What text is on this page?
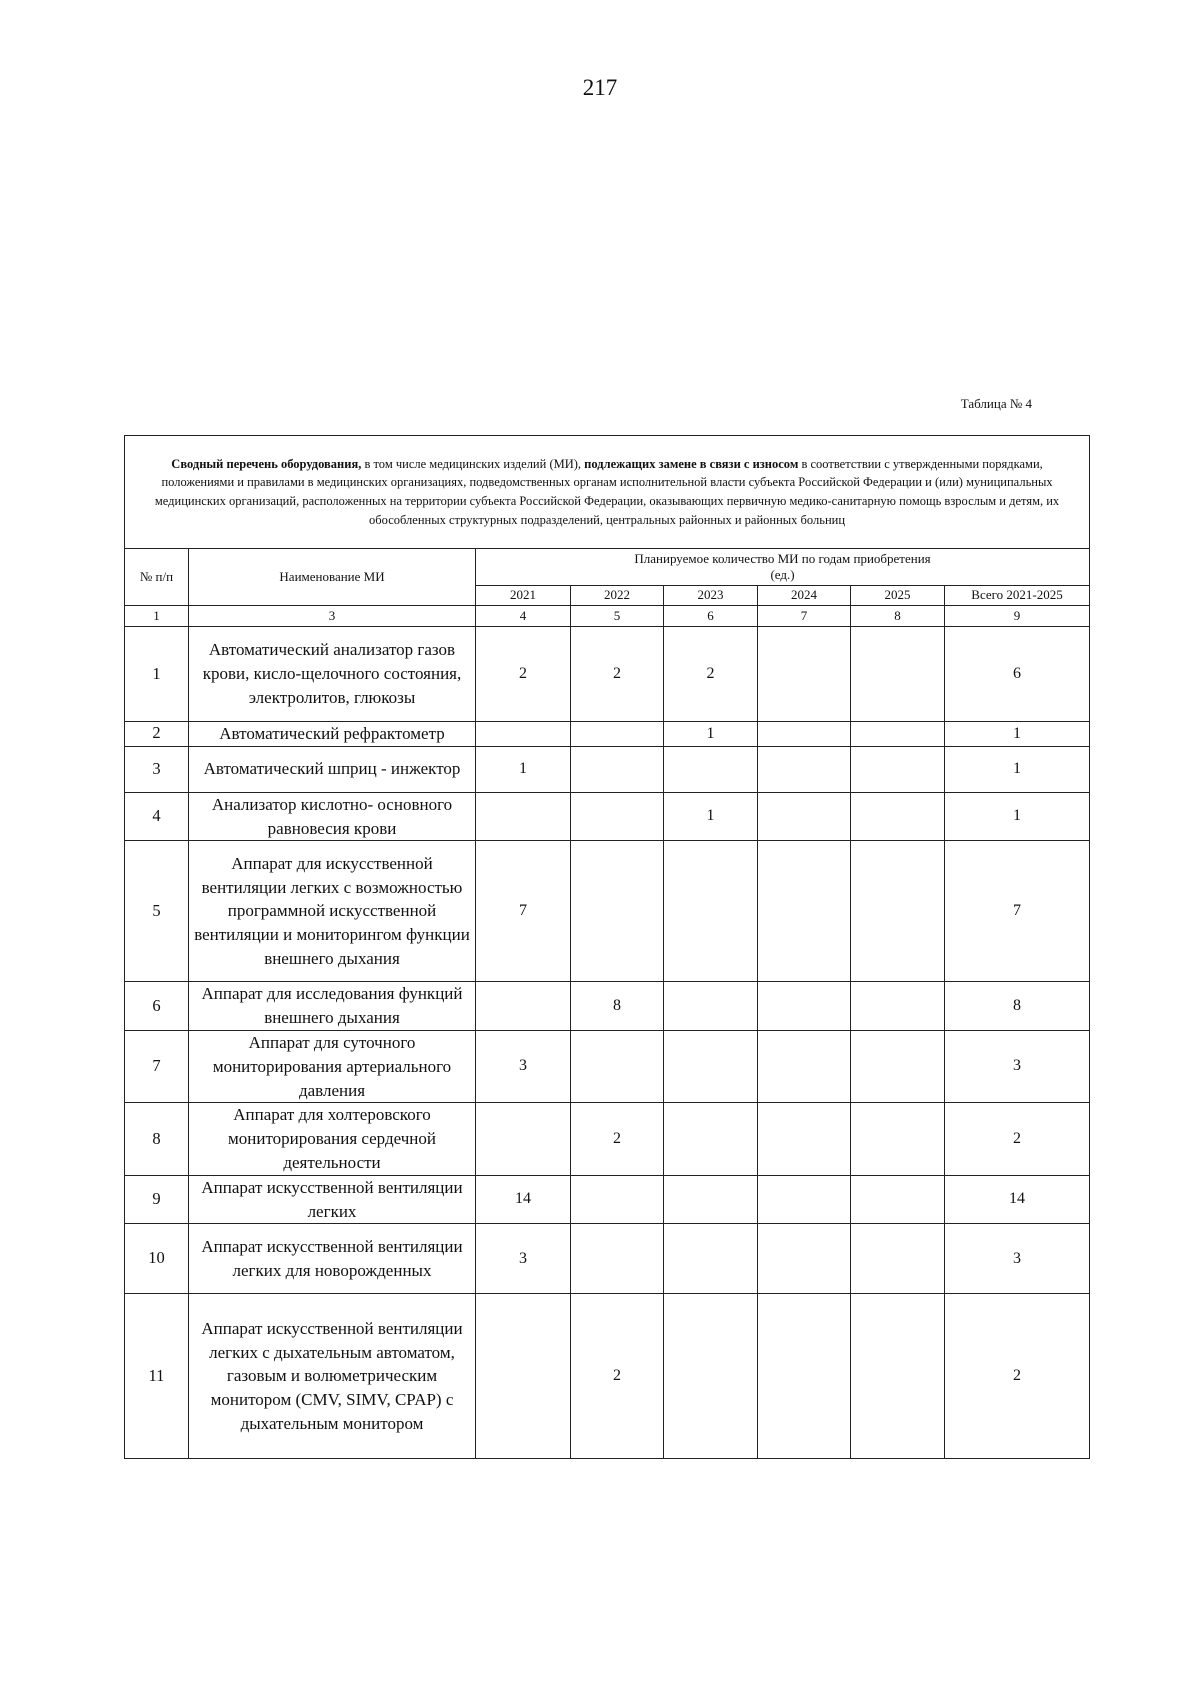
217
Таблица № 4
Сводный перечень оборудования, в том числе медицинских изделий (МИ), подлежащих замене в связи с износом в соответствии с утвержденными порядками, положениями и правилами в медицинских организациях, подведомственных органам исполнительной власти субъекта Российской Федерации и (или) муниципальных медицинских организаций, расположенных на территории субъекта Российской Федерации, оказывающих первичную медико-санитарную помощь взрослым и детям, их обособленных структурных подразделений, центральных районных и районных больниц							
№ п/п	Наименование МИ	Планируемое количество МИ по годам приобретения (ед.)					
		2021	2022	2023	2024	2025	Всего 2021-2025
1	3	4	5	6	7	8	9
1	Автоматический анализатор газов крови, кисло-щелочного состояния, электролитов, глюкозы	2	2	2			6
2	Автоматический рефрактометр			1			1
3	Автоматический шприц - инжектор	1					1
4	Анализатор кислотно- основного равновесия крови			1			1
5	Аппарат для искусственной вентиляции легких с возможностью программной искусственной вентиляции и мониторингом функции внешнего дыхания	7					7
6	Аппарат для исследования функций внешнего дыхания		8				8
7	Аппарат для суточного мониторирования артериального давления	3					3
8	Аппарат для холтеровского мониторирования сердечной деятельности		2				2
9	Аппарат искусственной вентиляции легких	14					14
10	Аппарат искусственной вентиляции легких для новорожденных	3					3
11	Аппарат искусственной вентиляции легких с дыхательным автоматом, газовым и волюметрическим монитором (CMV, SIMV, CPAP) с дыхательным монитором		2				2
